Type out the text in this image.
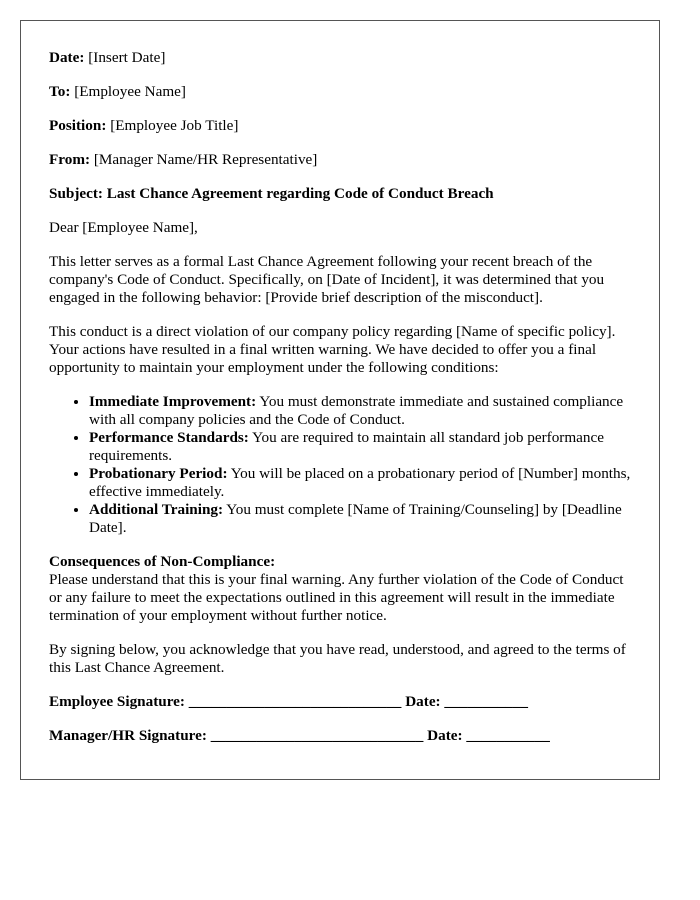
Date: [Insert Date]

To: [Employee Name]

Position: [Employee Job Title]

From: [Manager Name/HR Representative]

Subject: Last Chance Agreement regarding Code of Conduct Breach

Dear [Employee Name],

This letter serves as a formal Last Chance Agreement following your recent breach of the company's Code of Conduct. Specifically, on [Date of Incident], it was determined that you engaged in the following behavior: [Provide brief description of the misconduct].

This conduct is a direct violation of our company policy regarding [Name of specific policy]. Your actions have resulted in a final written warning. We have decided to offer you a final opportunity to maintain your employment under the following conditions:

• Immediate Improvement: You must demonstrate immediate and sustained compliance with all company policies and the Code of Conduct.
• Performance Standards: You are required to maintain all standard job performance requirements.
• Probationary Period: You will be placed on a probationary period of [Number] months, effective immediately.
• Additional Training: You must complete [Name of Training/Counseling] by [Deadline Date].

Consequences of Non-Compliance:

Please understand that this is your final warning. Any further violation of the Code of Conduct or any failure to meet the expectations outlined in this agreement will result in the immediate termination of your employment without further notice.

By signing below, you acknowledge that you have read, understood, and agreed to the terms of this Last Chance Agreement.

Employee Signature: ____________________________ Date: ___________

Manager/HR Signature: ____________________________ Date: ___________
